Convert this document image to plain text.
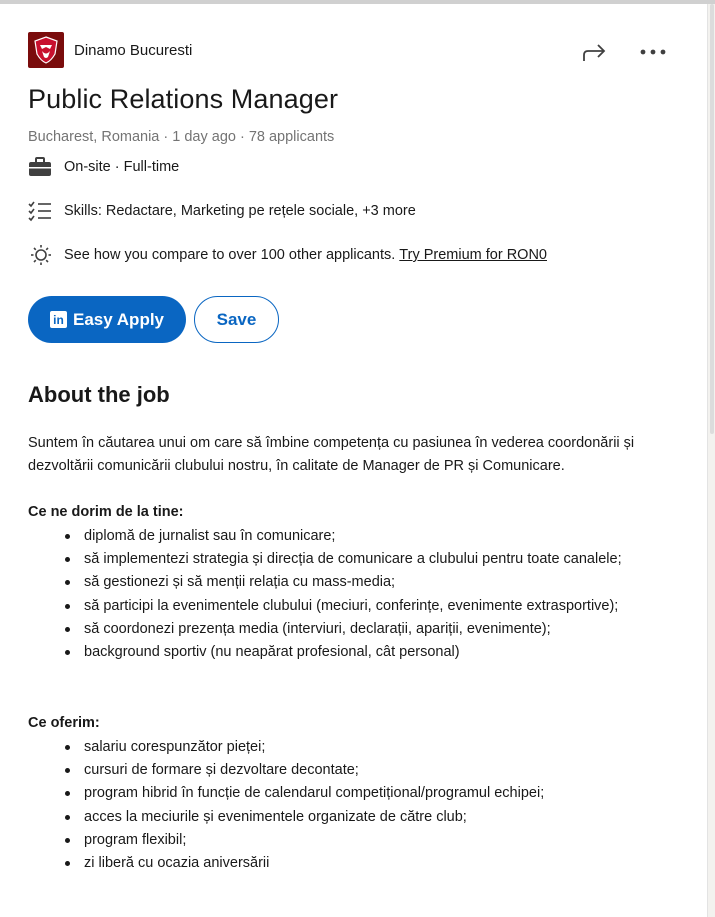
Dinamo Bucuresti
Public Relations Manager
Bucharest, Romania · 1 day ago · 78 applicants
On-site · Full-time
Skills: Redactare, Marketing pe rețele sociale, +3 more
See how you compare to over 100 other applicants. Try Premium for RON0
in Easy Apply	Save
About the job

Suntem în căutarea unui om care să îmbine competența cu pasiunea în vederea coordonării și dezvoltării comunicării clubului nostru, în calitate de Manager de PR și Comunicare.

Ce ne dorim de la tine:
diplomă de jurnalist sau în comunicare;
să implementezi strategia și direcția de comunicare a clubului pentru toate canalele;
să gestionezi și să menții relația cu mass-media;
să participi la evenimentele clubului (meciuri, conferințe, evenimente extrasportive);
să coordonezi prezența media (interviuri, declarații, apariții, evenimente);
background sportiv (nu neapărat profesional, cât personal)
Ce oferim:
salariu corespunzător pieței;
cursuri de formare și dezvoltare decontate;
program hibrid în funcție de calendarul competițional/programul echipei;
acces la meciurile și evenimentele organizate de către club;
program flexibil;
zi liberă cu ocazia aniversării
